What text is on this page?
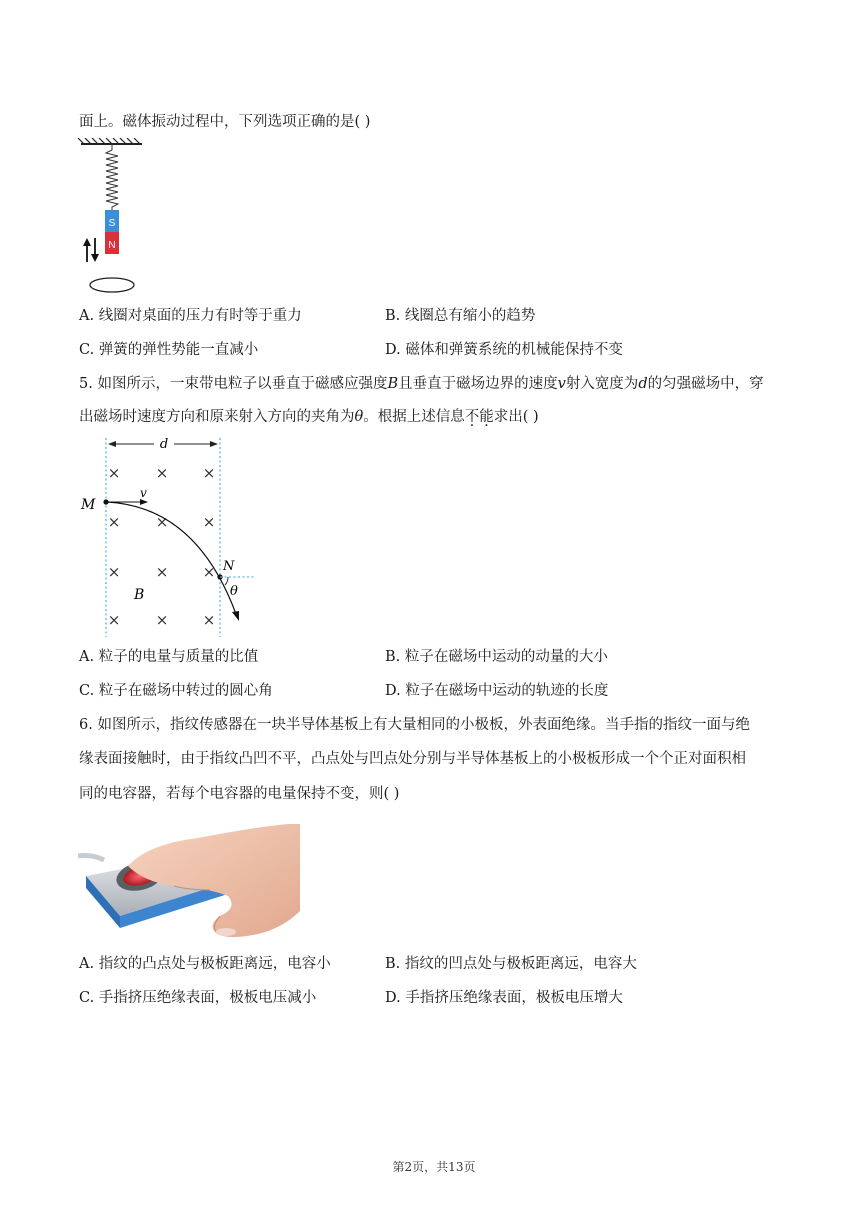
面上。磁体振动过程中，下列选项正确的是( )
S
N
A. 线圈对桌面的压力有时等于重力	B. 线圈总有缩小的趋势
C. 弹簧的弹性势能一直减小	D. 磁体和弹簧系统的机械能保持不变
5. 如图所示，一束带电粒子以垂直于磁感应强度B且垂直于磁场边界的速度v射入宽度为d的匀强磁场中，穿
出磁场时速度方向和原来射入方向的夹角为θ。根据上述信息不能求出( )
d
× × ×
× × ×
× × ×
× × ×
M
v
N
θ
B
A. 粒子的电量与质量的比值	B. 粒子在磁场中运动的动量的大小
C. 粒子在磁场中转过的圆心角	D. 粒子在磁场中运动的轨迹的长度
6. 如图所示，指纹传感器在一块半导体基板上有大量相同的小极板，外表面绝缘。当手指的指纹一面与绝
缘表面接触时，由于指纹凸凹不平，凸点处与凹点处分别与半导体基板上的小极板形成一个个正对面积相
同的电容器，若每个电容器的电量保持不变，则( )
A. 指纹的凸点处与极板距离远，电容小	B. 指纹的凹点处与极板距离远，电容大
C. 手指挤压绝缘表面，极板电压减小	D. 手指挤压绝缘表面，极板电压增大
第2页，共13页
